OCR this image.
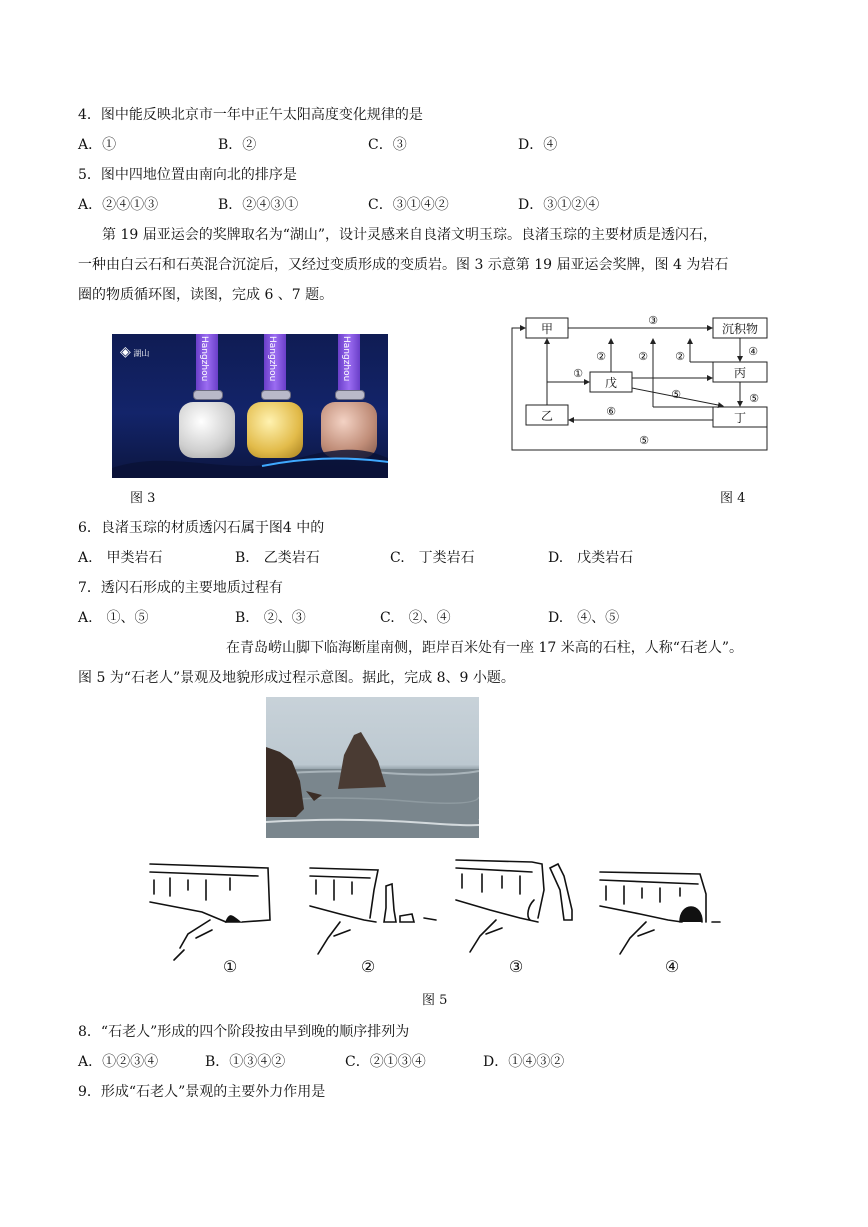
4．图中能反映北京市一年中正午太阳高度变化规律的是
A．①	B．②	C．③	D．④
5．图中四地位置由南向北的排序是
A．②④①③	B．②④③①	C．③①④②	D．③①②④
第 19 届亚运会的奖牌取名为“湖山”，设计灵感来自良渚文明玉琮。良渚玉琮的主要材质是透闪石，
一种由白云石和石英混合沉淀后，又经过变质形成的变质岩。图 3 示意第 19 届亚运会奖牌，图 4 为岩石
圈的物质循环图，读图，完成 6 、7 题。
◈ 湖山	Hangzhou	Hangzhou	Hangzhou
图 3
甲
戊
乙
沉积物
丙
丁
①
②	② ②
③
④
⑤	⑤
⑤
⑥
图 4
6．良渚玉琮的材质透闪石属于图4 中的
A.　甲类岩石	B.　乙类岩石	C.　丁类岩石	D.　戊类岩石
7．透闪石形成的主要地质过程有
A.　①、⑤	B.　②、③	C.　②、④	D.　④、⑤
在青岛崂山脚下临海断崖南侧，距岸百米处有一座 17 米高的石柱，人称“石老人”。
图 5 为“石老人”景观及地貌形成过程示意图。据此，完成 8、9 小题。
①	②	③	④
图 5
8．“石老人”形成的四个阶段按由早到晚的顺序排列为
A．①②③④	B．①③④②	C．②①③④	D．①④③②
9．形成“石老人”景观的主要外力作用是
